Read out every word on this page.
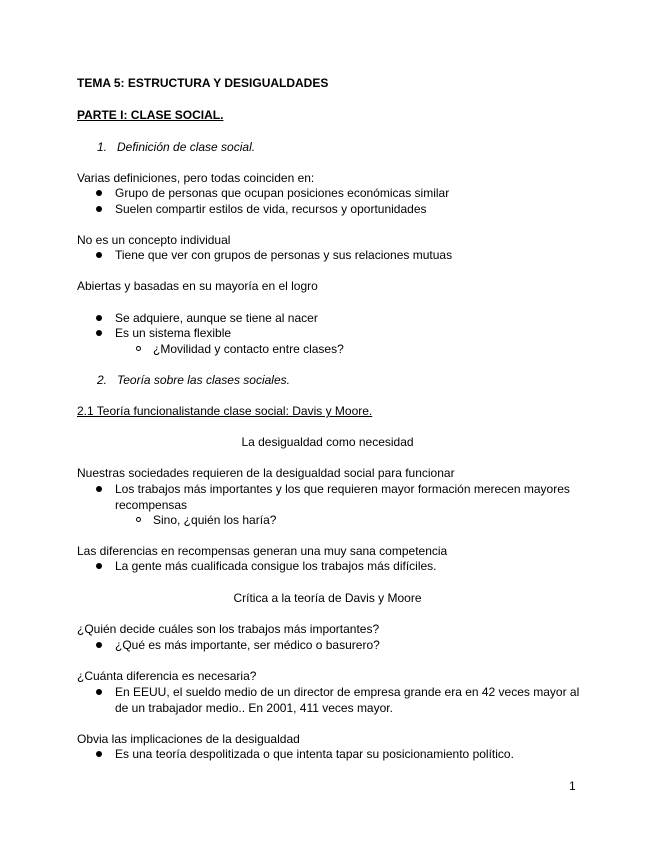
TEMA 5: ESTRUCTURA Y DESIGUALDADES
PARTE I: CLASE SOCIAL.
1. Definición de clase social.
Varias definiciones, pero todas coinciden en:
Grupo de personas que ocupan posiciones económicas similar
Suelen compartir estilos de vida, recursos y oportunidades
No es un concepto individual
Tiene que ver con grupos de personas y sus relaciones mutuas
Abiertas y basadas en su mayoría en el logro
Se adquiere, aunque se tiene al nacer
Es un sistema flexible
¿Movilidad y contacto entre clases?
2. Teoría sobre las clases sociales.
2.1 Teoría funcionalistande clase social: Davis y Moore.
La desigualdad como necesidad
Nuestras sociedades requieren de la desigualdad social para funcionar
Los trabajos más importantes y los que requieren mayor formación merecen mayores
recompensas
Sino, ¿quién los haría?
Las diferencias en recompensas generan una muy sana competencia
La gente más cualificada consigue los trabajos más difíciles.
Crítica a la teoría de Davis y Moore
¿Quién decide cuáles son los trabajos más importantes?
¿Qué es más importante, ser médico o basurero?
¿Cuánta diferencia es necesaria?
En EEUU, el sueldo medio de un director de empresa grande era en 42 veces mayor al
de un trabajador medio.. En 2001, 411 veces mayor.
Obvia las implicaciones de la desigualdad
Es una teoría despolitizada o que intenta tapar su posicionamiento político.
1
